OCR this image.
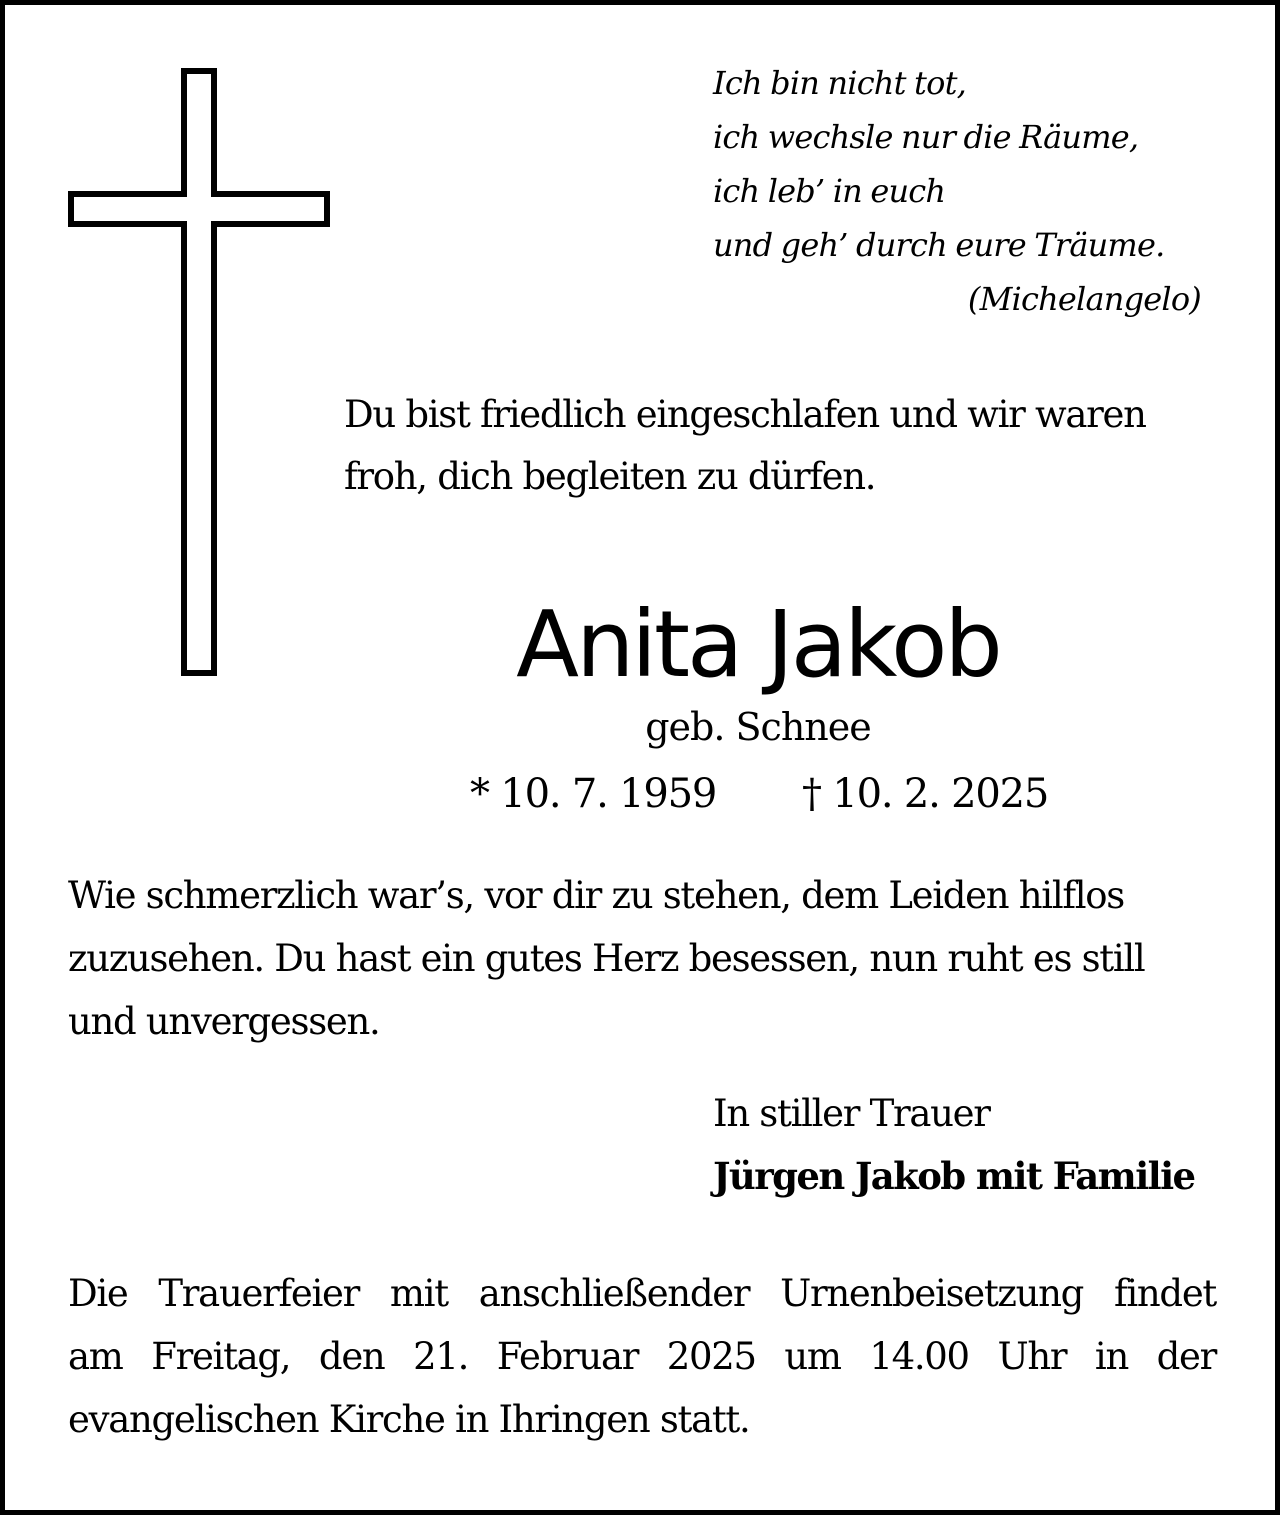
Ich bin nicht tot,
ich wechsle nur die Räume,
ich leb’ in euch
und geh’ durch eure Träume.
(Michelangelo)
Du bist friedlich eingeschlafen und wir waren
froh, dich begleiten zu dürfen.
Anita Jakob
geb. Schnee
* 10. 7. 1959 † 10. 2. 2025
Wie schmerzlich war’s, vor dir zu stehen, dem Leiden hilflos
zuzusehen. Du hast ein gutes Herz besessen, nun ruht es still
und unvergessen.
In stiller Trauer
Jürgen Jakob mit Familie
Die Trauerfeier mit anschließender Urnenbeisetzung findet
am Freitag, den 21. Februar 2025 um 14.00 Uhr in der
evangelischen Kirche in Ihringen statt.
